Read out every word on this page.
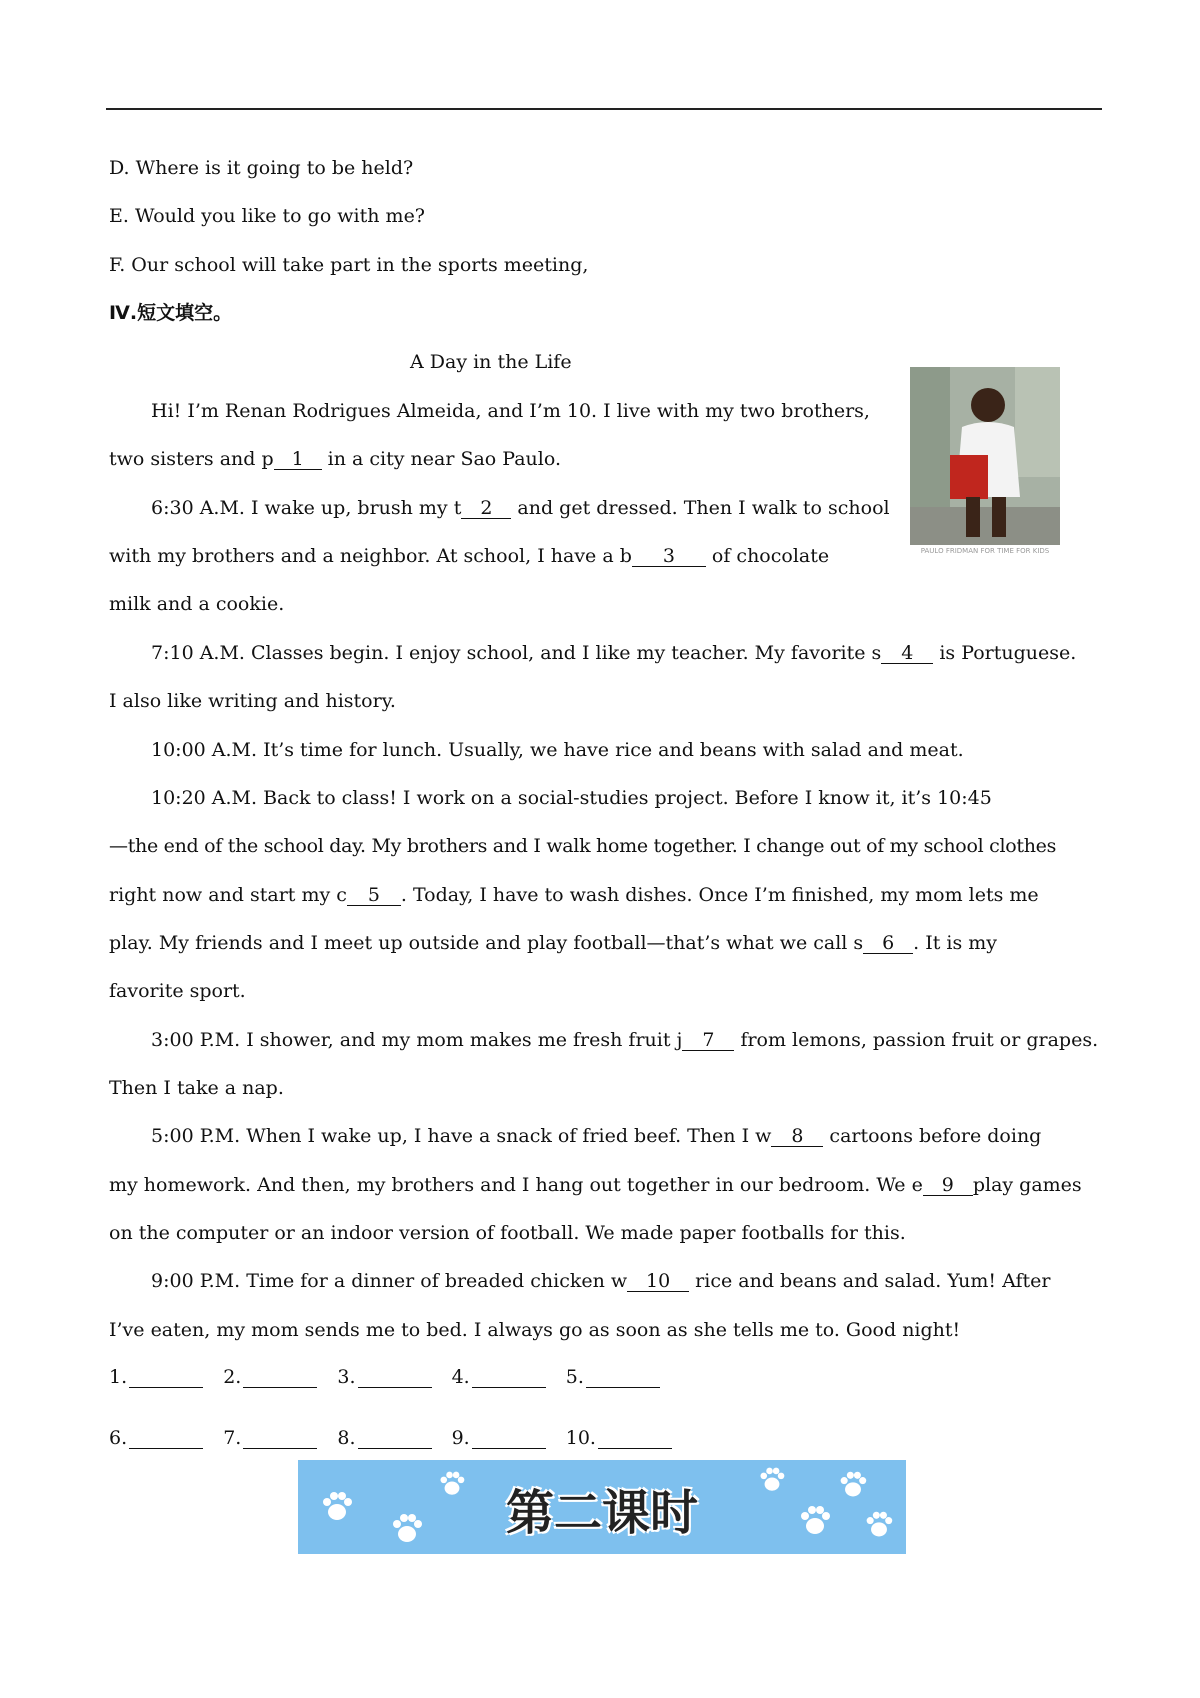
D. Where is it going to be held?
E. Would you like to go with me?
F. Our school will take part in the sports meeting,
Ⅳ.短文填空。
A Day in the Life
PAULO FRIDMAN FOR TIME FOR KIDS
Hi! I’m Renan Rodrigues Almeida, and I’m 10. I live with my two brothers,
two sisters and p 1 in a city near Sao Paulo.
6:30 A.M. I wake up, brush my t 2 and get dressed. Then I walk to school
with my brothers and a neighbor. At school, I have a b 3 of chocolate
milk and a cookie.
7:10 A.M. Classes begin. I enjoy school, and I like my teacher. My favorite s 4 is Portuguese.
I also like writing and history.
10:00 A.M. It’s time for lunch. Usually, we have rice and beans with salad and meat.
10:20 A.M. Back to class! I work on a social-studies project. Before I know it, it’s 10:45
—the end of the school day. My brothers and I walk home together. I change out of my school clothes
right now and start my c 5 . Today, I have to wash dishes. Once I’m finished, my mom lets me
play. My friends and I meet up outside and play football—that’s what we call s 6 . It is my
favorite sport.
3:00 P.M. I shower, and my mom makes me fresh fruit j 7 from lemons, passion fruit or grapes.
Then I take a nap.
5:00 P.M. When I wake up, I have a snack of fried beef. Then I w 8 cartoons before doing
my homework. And then, my brothers and I hang out together in our bedroom. We e 9 play games
on the computer or an indoor version of football. We made paper footballs for this.
9:00 P.M. Time for a dinner of breaded chicken w 10 rice and beans and salad. Yum! After
I’ve eaten, my mom sends me to bed. I always go as soon as she tells me to. Good night!
1.	2.	3.	4.	5.
6.	7.	8.	9.	10.
第二课时
